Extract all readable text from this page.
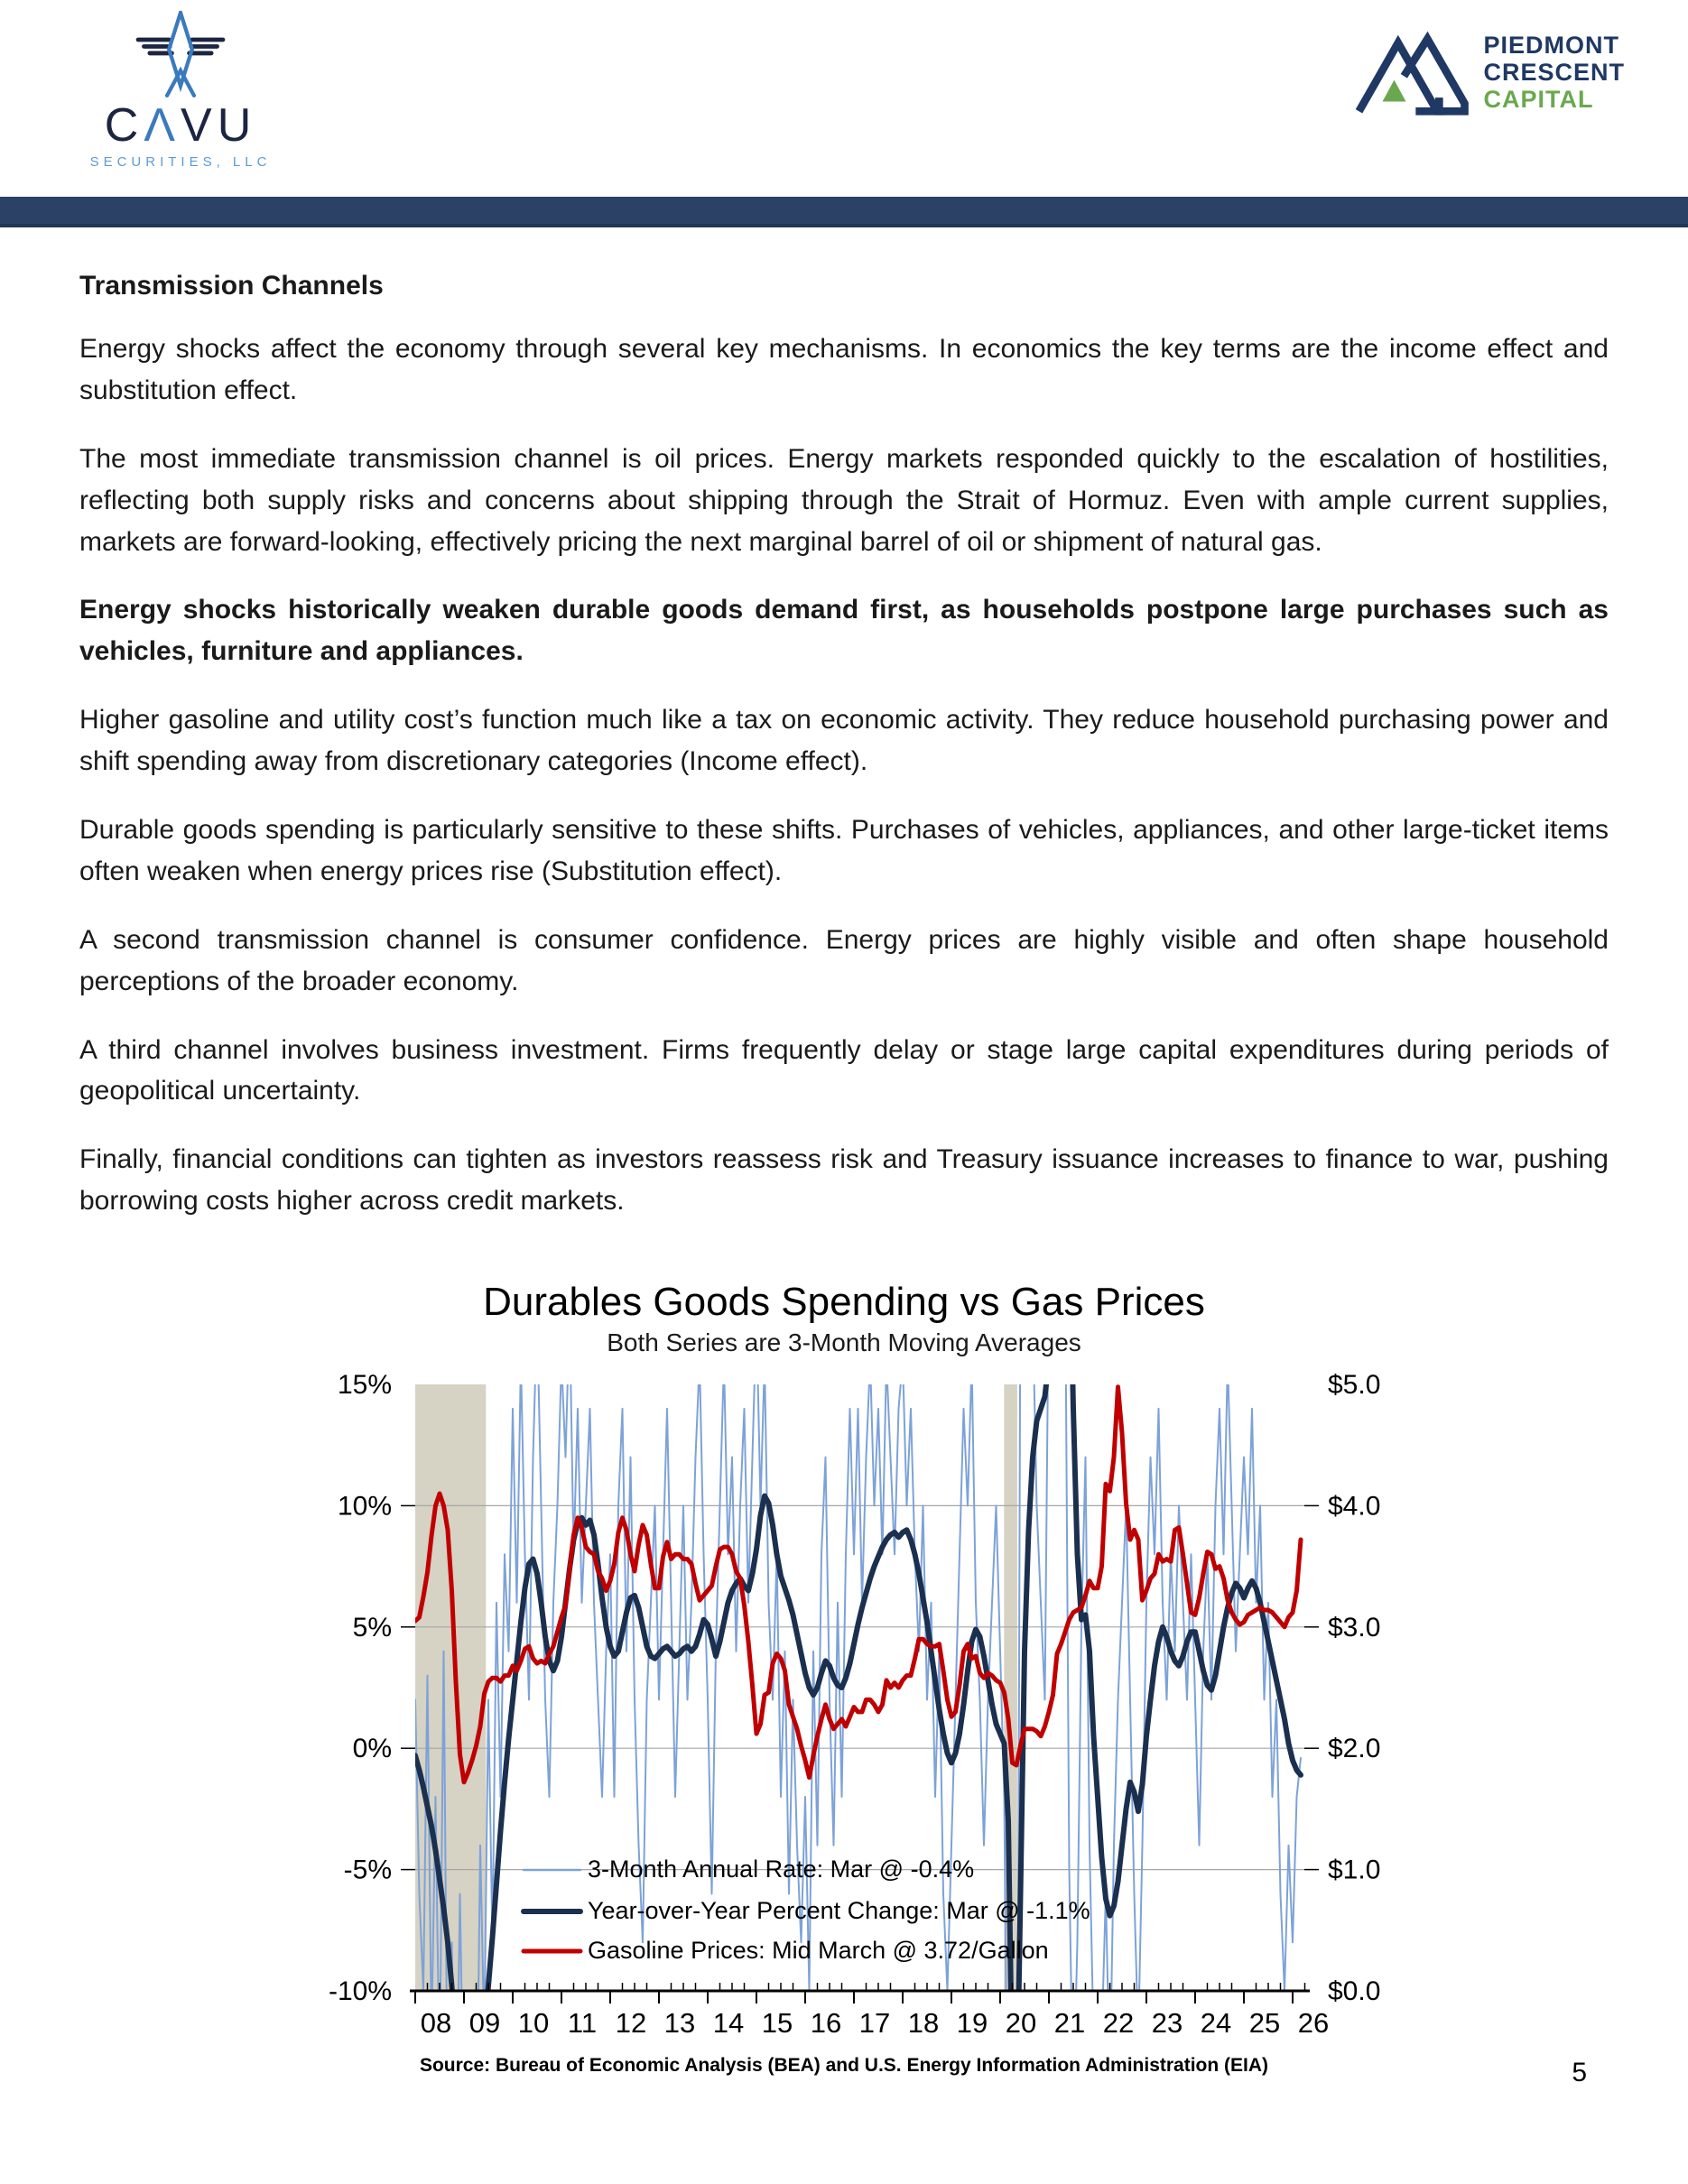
CΛVU
SECURITIES, LLC
PIEDMONT
CRESCENT
CAPITAL
Transmission Channels
Energy shocks affect the economy through several key mechanisms. In economics the key terms are the income effect and substitution effect.
The most immediate transmission channel is oil prices. Energy markets responded quickly to the escalation of hostilities, reflecting both supply risks and concerns about shipping through the Strait of Hormuz. Even with ample current supplies, markets are forward-looking, effectively pricing the next marginal barrel of oil or shipment of natural gas.
Energy shocks historically weaken durable goods demand first, as households postpone large purchases such as vehicles, furniture and appliances.
Higher gasoline and utility cost’s function much like a tax on economic activity. They reduce household purchasing power and shift spending away from discretionary categories (Income effect).
Durable goods spending is particularly sensitive to these shifts. Purchases of vehicles, appliances, and other large-ticket items often weaken when energy prices rise (Substitution effect).
A second transmission channel is consumer confidence. Energy prices are highly visible and often shape household perceptions of the broader economy.
A third channel involves business investment. Firms frequently delay or stage large capital expenditures during periods of geopolitical uncertainty.
Finally, financial conditions can tighten as investors reassess risk and Treasury issuance increases to finance to war, pushing borrowing costs higher across credit markets.
Durables Goods Spending vs Gas Prices
Both Series are 3-Month Moving Averages
08 09 10 11 12 13 14 15 16 17 18 19 20 21 22 23 24 25 26
15%
10%
5%
0%
-5%
-10%
$5.0
$4.0
$3.0
$2.0
$1.0
$0.0
3-Month Annual Rate: Mar @ -0.4%
Year-over-Year Percent Change: Mar @ -1.1%
Gasoline Prices: Mid March @ 3.72/Gallon
Source: Bureau of Economic Analysis (BEA) and U.S. Energy Information Administration (EIA)	5
